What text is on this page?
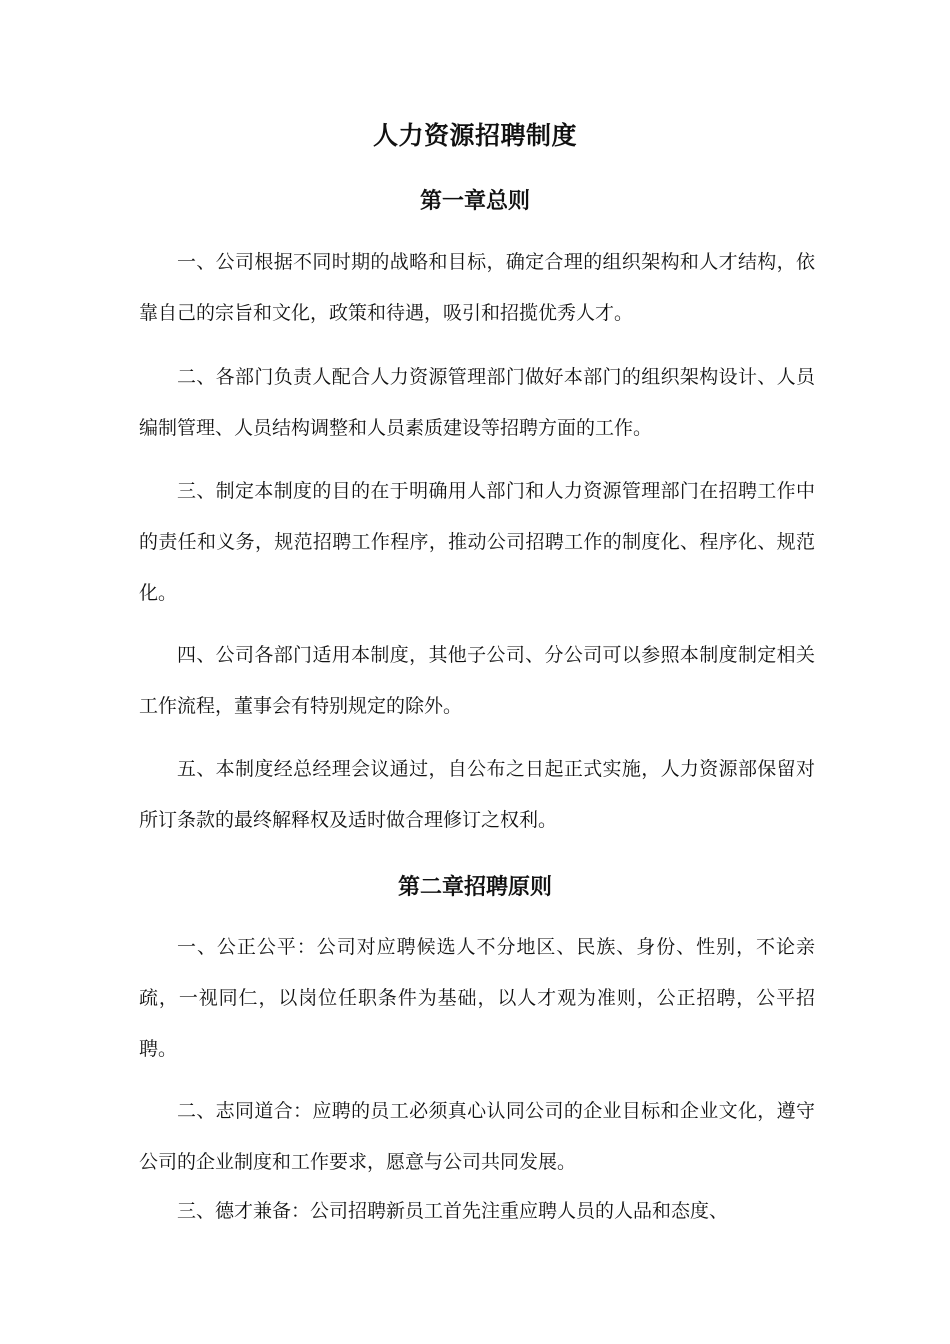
人力资源招聘制度
第一章总则

一、公司根据不同时期的战略和目标，确定合理的组织架构和人才结构，依靠自己的宗旨和文化，政策和待遇，吸引和招揽优秀人才。

二、各部门负责人配合人力资源管理部门做好本部门的组织架构设计、人员编制管理、人员结构调整和人员素质建设等招聘方面的工作。

三、制定本制度的目的在于明确用人部门和人力资源管理部门在招聘工作中的责任和义务，规范招聘工作程序，推动公司招聘工作的制度化、程序化、规范化。

四、公司各部门适用本制度，其他子公司、分公司可以参照本制度制定相关工作流程，董事会有特别规定的除外。

五、本制度经总经理会议通过，自公布之日起正式实施，人力资源部保留对所订条款的最终解释权及适时做合理修订之权利。

第二章招聘原则

一、公正公平：公司对应聘候选人不分地区、民族、身份、性别，不论亲疏，一视同仁，以岗位任职条件为基础，以人才观为准则，公正招聘，公平招聘。

二、志同道合：应聘的员工必须真心认同公司的企业目标和企业文化，遵守公司的企业制度和工作要求，愿意与公司共同发展。

三、德才兼备：公司招聘新员工首先注重应聘人员的人品和态度、
